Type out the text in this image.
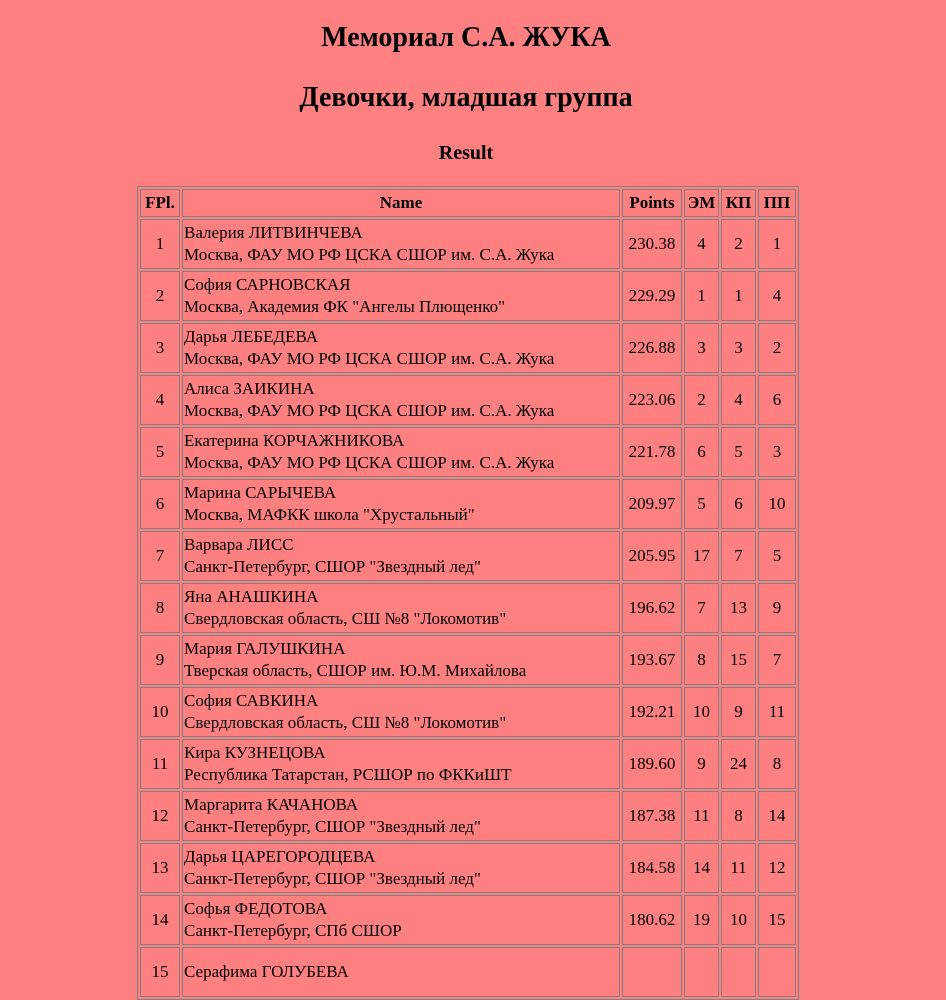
Мемориал С.А. ЖУКА
Девочки, младшая группа
Result
FPl.	Name	Points	ЭМ	КП	ПП
1	Валерия ЛИТВИНЧЕВА
Москва, ФАУ МО РФ ЦСКА СШОР им. С.А. Жука	230.38	4	2	1
2	София САРНОВСКАЯ
Москва, Академия ФК "Ангелы Плющенко"	229.29	1	1	4
3	Дарья ЛЕБЕДЕВА
Москва, ФАУ МО РФ ЦСКА СШОР им. С.А. Жука	226.88	3	3	2
4	Алиса ЗАИКИНА
Москва, ФАУ МО РФ ЦСКА СШОР им. С.А. Жука	223.06	2	4	6
5	Екатерина КОРЧАЖНИКОВА
Москва, ФАУ МО РФ ЦСКА СШОР им. С.А. Жука	221.78	6	5	3
6	Марина САРЫЧЕВА
Москва, МАФКК школа "Хрустальный"	209.97	5	6	10
7	Варвара ЛИСС
Санкт-Петербург, СШОР "Звездный лед"	205.95	17	7	5
8	Яна АНАШКИНА
Свердловская область, СШ №8 "Локомотив"	196.62	7	13	9
9	Мария ГАЛУШКИНА
Тверская область, СШОР им. Ю.М. Михайлова	193.67	8	15	7
10	София САВКИНА
Свердловская область, СШ №8 "Локомотив"	192.21	10	9	11
11	Кира КУЗНЕЦОВА
Республика Татарстан, РСШОР по ФККиШТ	189.60	9	24	8
12	Маргарита КАЧАНОВА
Санкт-Петербург, СШОР "Звездный лед"	187.38	11	8	14
13	Дарья ЦАРЕГОРОДЦЕВА
Санкт-Петербург, СШОР "Звездный лед"	184.58	14	11	12
14	Софья ФЕДОТОВА
Санкт-Петербург, СПб СШОР	180.62	19	10	15
15	Серафима ГОЛУБЕВА				
